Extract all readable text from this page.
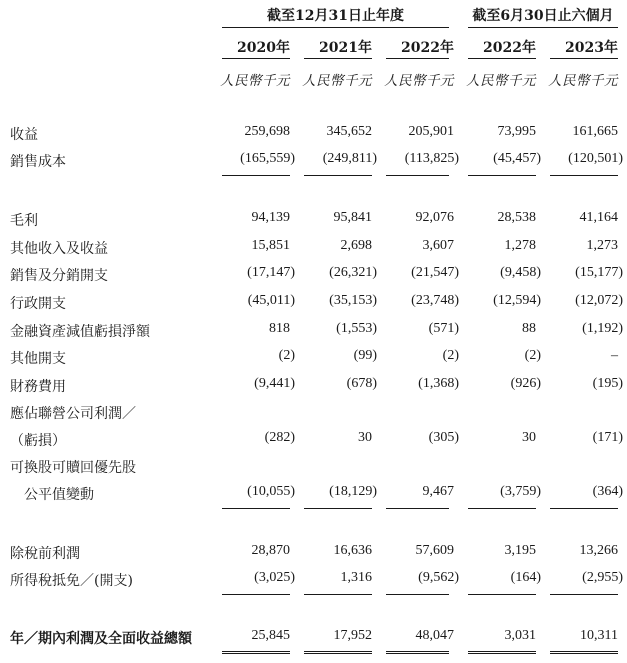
截至12月31日止年度	截至6月30日止六個月
2020年	2021年	2022年	2022年	2023年
人民幣千元 人民幣千元 人民幣千元 人民幣千元 人民幣千元
收益	259,698	345,652	205,901	73,995	161,665
銷售成本	(165,559)	(249,811)	(113,825)	(45,457)	(120,501)
毛利	94,139	95,841	92,076	28,538	41,164
其他收入及收益	15,851	2,698	3,607	1,278	1,273
銷售及分銷開支	(17,147)	(26,321)	(21,547)	(9,458)	(15,177)
行政開支	(45,011)	(35,153)	(23,748)	(12,594)	(12,072)
金融資產減值虧損淨額	818	(1,553)	(571)	88	(1,192)
其他開支	(2)	(99)	(2)	(2)	–
財務費用	(9,441)	(678)	(1,368)	(926)	(195)
應佔聯營公司利潤／
（虧損）	(282)	30	(305)	30	(171)
可換股可贖回優先股
公平值變動	(10,055)	(18,129)	9,467	(3,759)	(364)
除稅前利潤	28,870	16,636	57,609	3,195	13,266
所得稅抵免／(開支)	(3,025)	1,316	(9,562)	(164)	(2,955)
年／期內利潤及全面收益總額	25,845	17,952	48,047	3,031	10,311
